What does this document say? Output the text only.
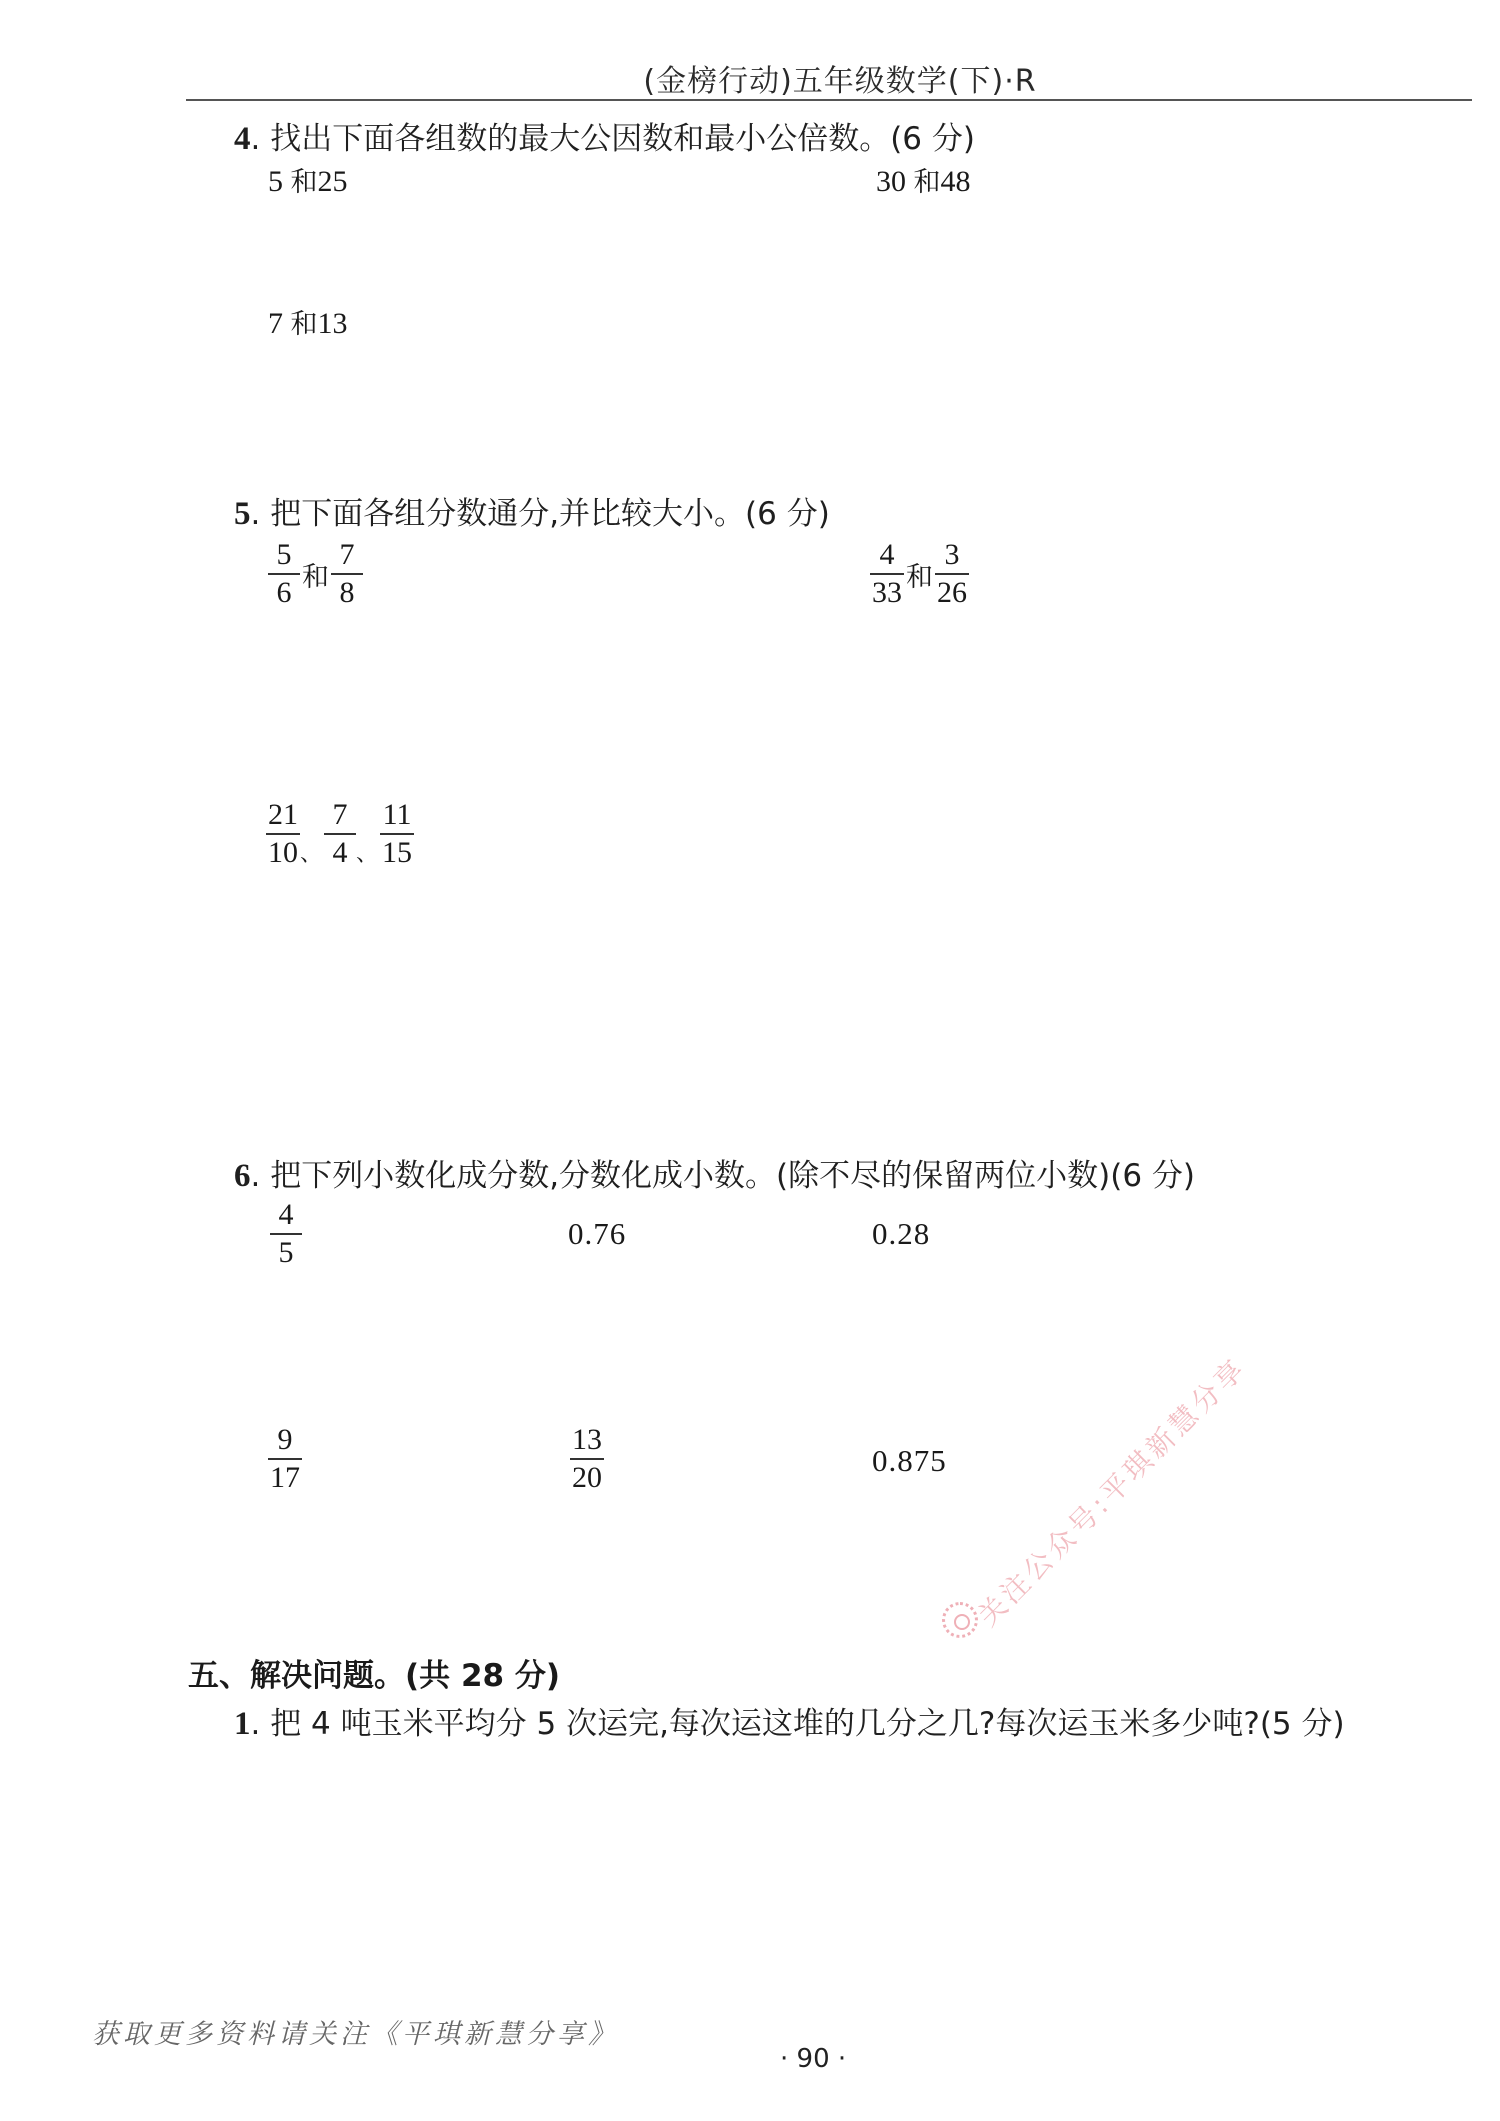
(金榜行动)五年级数学(下)·R
4. 找出下面各组数的最大公因数和最小公倍数。(6 分)
5 和25	30 和48
7 和13
5. 把下面各组分数通分,并比较大小。(6 分)
$\frac{5}{6}$ 和 $\frac{7}{8}$	$\frac{4}{33}$ 和 $\frac{3}{26}$
$\frac{21}{10}$ 、 $\frac{7}{4}$ 、 $\frac{11}{15}$
6. 把下列小数化成分数,分数化成小数。(除不尽的保留两位小数)(6 分)
$\frac{4}{5}$	0.76	0.28
$\frac{9}{17}$	$\frac{13}{20}$	0.875 关注公众号:平琪新慧分享
五、解决问题。(共 28 分)
1. 把 4 吨玉米平均分 5 次运完,每次运这堆的几分之几?每次运玉米多少吨?(5 分)
获取更多资料请关注《平琪新慧分享》
· 90 ·
